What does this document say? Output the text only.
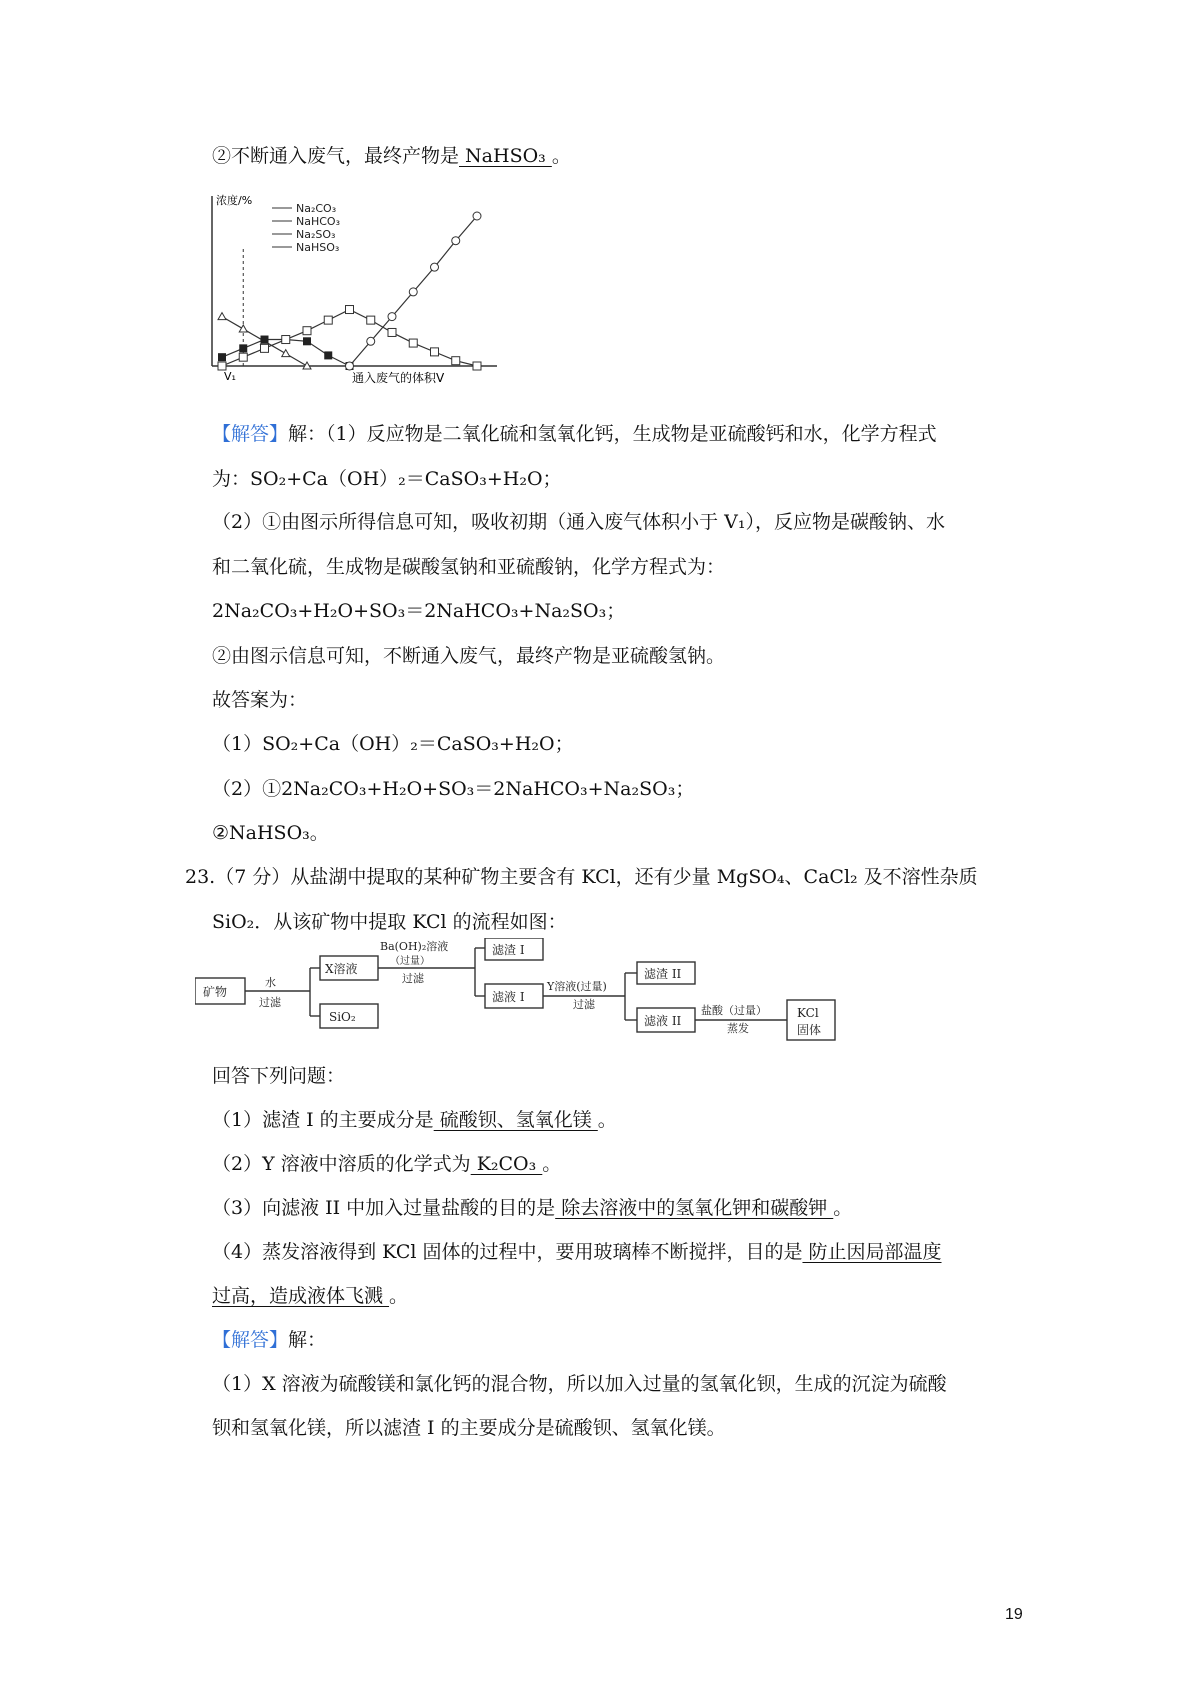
②不断通入废气，最终产物是 NaHSO₃ 。
Na₂CO₃
NaHCO₃
Na₂SO₃
NaHSO₃
浓度/%
通入废气的体积V
V₁
【解答】解：（1）反应物是二氧化硫和氢氧化钙，生成物是亚硫酸钙和水，化学方程式
为：SO₂+Ca（OH）₂＝CaSO₃+H₂O；
（2）①由图示所得信息可知，吸收初期（通入废气体积小于 V₁），反应物是碳酸钠、水
和二氧化硫，生成物是碳酸氢钠和亚硫酸钠，化学方程式为：
2Na₂CO₃+H₂O+SO₃＝2NaHCO₃+Na₂SO₃；
②由图示信息可知，不断通入废气，最终产物是亚硫酸氢钠。
故答案为：
（1）SO₂+Ca（OH）₂＝CaSO₃+H₂O；
（2）①2Na₂CO₃+H₂O+SO₃＝2NaHCO₃+Na₂SO₃；
②NaHSO₃。
23.（7 分）从盐湖中提取的某种矿物主要含有 KCl，还有少量 MgSO₄、CaCl₂ 及不溶性杂质
SiO₂．从该矿物中提取 KCl 的流程如图：
矿物
水
过滤
X溶液
SiO₂
Ba(OH)₂溶液
（过量）
过滤
滤渣 I
滤液 I
Y溶液(过量)
过滤
滤渣 II
滤液 II
盐酸（过量）
蒸发
KCl
固体
回答下列问题：
（1）滤渣 I 的主要成分是 硫酸钡、氢氧化镁 。
（2）Y 溶液中溶质的化学式为 K₂CO₃ 。
（3）向滤液 II 中加入过量盐酸的目的是 除去溶液中的氢氧化钾和碳酸钾 。
（4）蒸发溶液得到 KCl 固体的过程中，要用玻璃棒不断搅拌，目的是 防止因局部温度
过高，造成液体飞溅 。
【解答】解：
（1）X 溶液为硫酸镁和氯化钙的混合物，所以加入过量的氢氧化钡，生成的沉淀为硫酸
钡和氢氧化镁，所以滤渣 I 的主要成分是硫酸钡、氢氧化镁。
19
